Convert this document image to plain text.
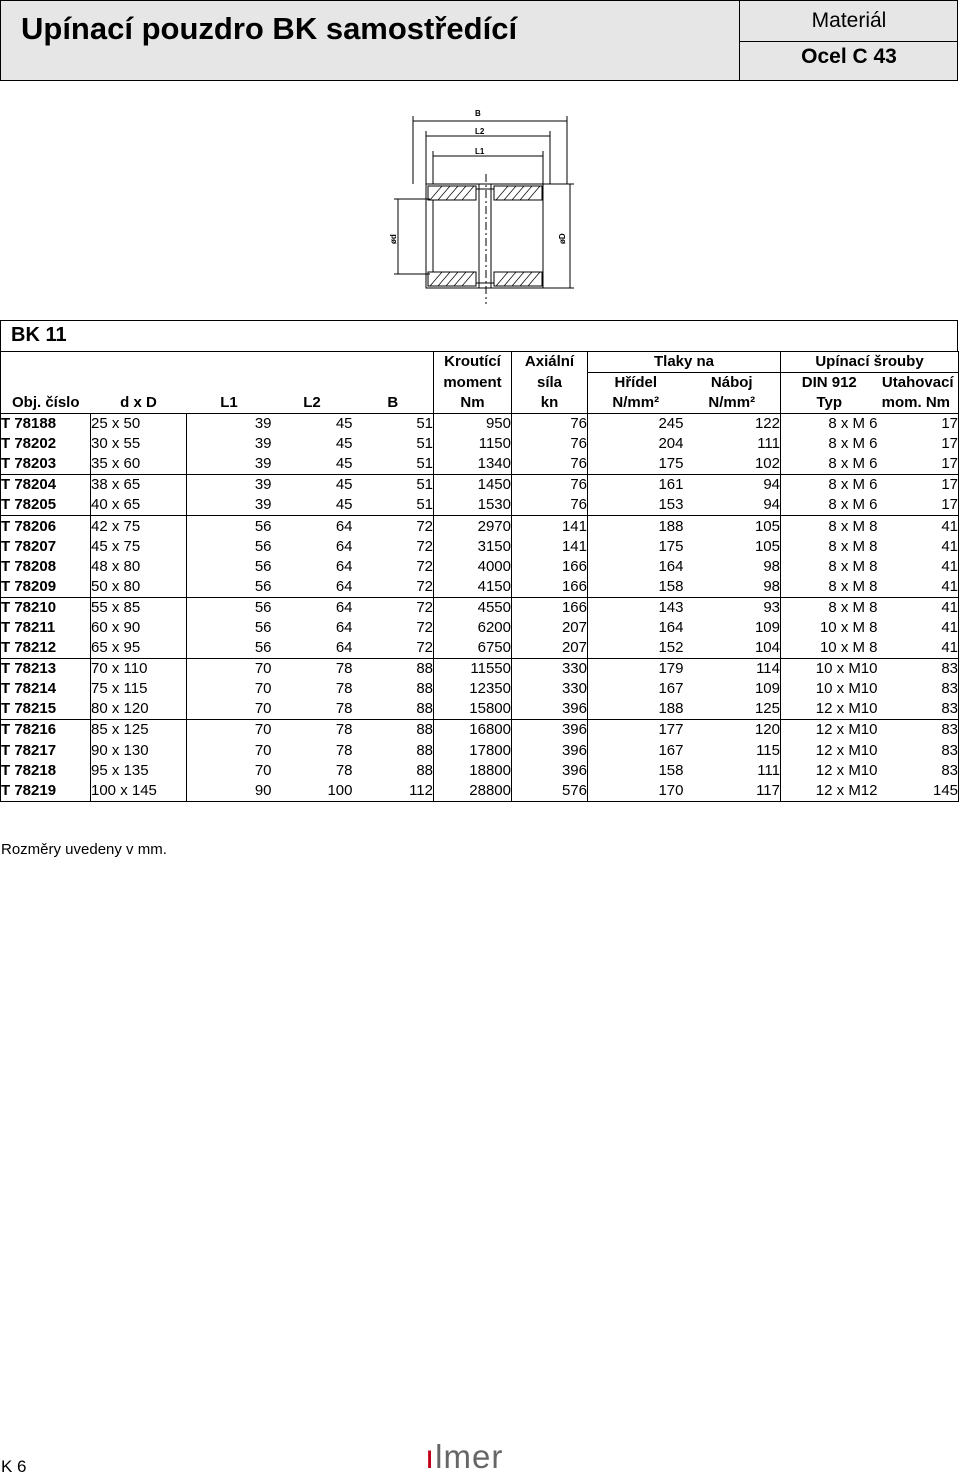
Upínací pouzdro BK samostředící	Materiál
Ocel C 43
B
L2
L1
ød	øD
BK 11
					Kroutící	Axiální	Tlaky na		Upínací šrouby	
					moment	síla	Hřídel	Náboj	DIN 912	Utahovací
Obj. číslo	d x D	L1	L2	B	Nm	kn	N/mm²	N/mm²	Typ	mom. Nm
T 78188	25 x 50	39	45	51	950	76	245	122	8 x M 6	17
T 78202	30 x 55	39	45	51	1150	76	204	111	8 x M 6	17
T 78203	35 x 60	39	45	51	1340	76	175	102	8 x M 6	17
T 78204	38 x 65	39	45	51	1450	76	161	94	8 x M 6	17
T 78205	40 x 65	39	45	51	1530	76	153	94	8 x M 6	17
T 78206	42 x 75	56	64	72	2970	141	188	105	8 x M 8	41
T 78207	45 x 75	56	64	72	3150	141	175	105	8 x M 8	41
T 78208	48 x 80	56	64	72	4000	166	164	98	8 x M 8	41
T 78209	50 x 80	56	64	72	4150	166	158	98	8 x M 8	41
T 78210	55 x 85	56	64	72	4550	166	143	93	8 x M 8	41
T 78211	60 x 90	56	64	72	6200	207	164	109	10 x M 8	41
T 78212	65 x 95	56	64	72	6750	207	152	104	10 x M 8	41
T 78213	70 x 110	70	78	88	11550	330	179	114	10 x M10	83
T 78214	75 x 115	70	78	88	12350	330	167	109	10 x M10	83
T 78215	80 x 120	70	78	88	15800	396	188	125	12 x M10	83
T 78216	85 x 125	70	78	88	16800	396	177	120	12 x M10	83
T 78217	90 x 130	70	78	88	17800	396	167	115	12 x M10	83
T 78218	95 x 135	70	78	88	18800	396	158	111	12 x M10	83
T 78219	100 x 145	90	100	112	28800	576	170	117	12 x M12	145
Rozměry uvedeny v mm.
K 6	ılmer
